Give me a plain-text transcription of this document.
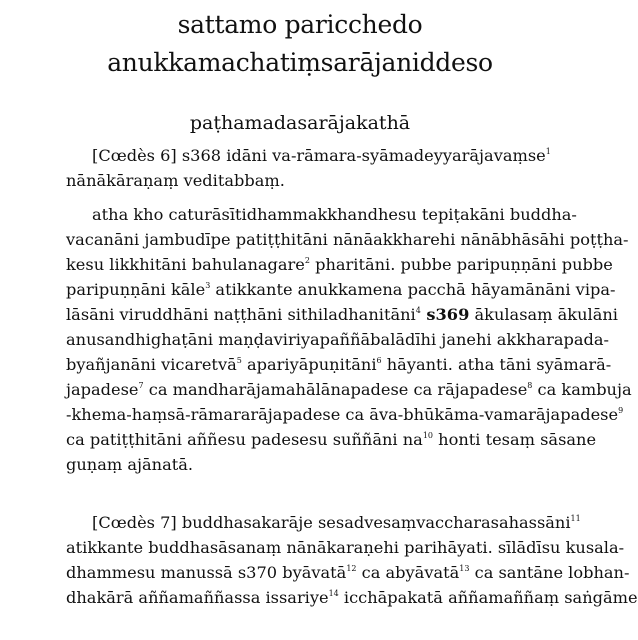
sattamo paricchedo
anukkamachatiṃsarājaniddeso
paṭhamadasarājakathā
[Cœdès 6] s368 idāni va-rāmara-syāmadeyyarājavaṃse$^1$
nānākāraṇaṃ veditabbaṃ.
atha kho caturāsītidhammakkhandhesu tepiṭakāni buddha-
vacanāni jambudīpe patiṭṭhitāni nānāakkharehi nānābhāsāhi poṭṭha-
kesu likkhitāni bahulanagare$^2$ pharitāni. pubbe paripuṇṇāni pubbe
paripuṇṇāni kāle$^3$ atikkante anukkamena pacchā hāyamānāni vipa-
lāsāni viruddhāni naṭṭhāni sithiladhanitāni$^4$ s369 ākulasaṃ ākulāni
anusandhighaṭāni maṇḍaviriyapaññābalādīhi janehi akkharapada-
byañjanāni vicaretvā$^5$ apariyāpuṇitāni$^6$ hāyanti. atha tāni syāmarā-
japadese$^7$ ca mandharājamahālānapadese ca rājapadese$^8$ ca kambuja
-khema-haṃsā-rāmararājapadese ca āva-bhūkāma-vamarājapadese$^9$
ca patiṭṭhitāni aññesu padesesu suññāni $na^{10}$ honti tesaṃ sāsane
guṇaṃ ajānatā.
[Cœdès 7] buddhasakarāje sesadvesaṃvaccharasahassāni$^{11}$
atikkante buddhasāsanaṃ nānākaraṇehi parihāyati. sīlādīsu kusala-
dhammesu manussā s370 byāvatā$^{12}$ ca abyāvatā$^{13}$ ca santāne lobhan-
dhakārā aññamaññassa issariye$^{14}$ icchāpakatā aññamaññaṃ saṅgāme
